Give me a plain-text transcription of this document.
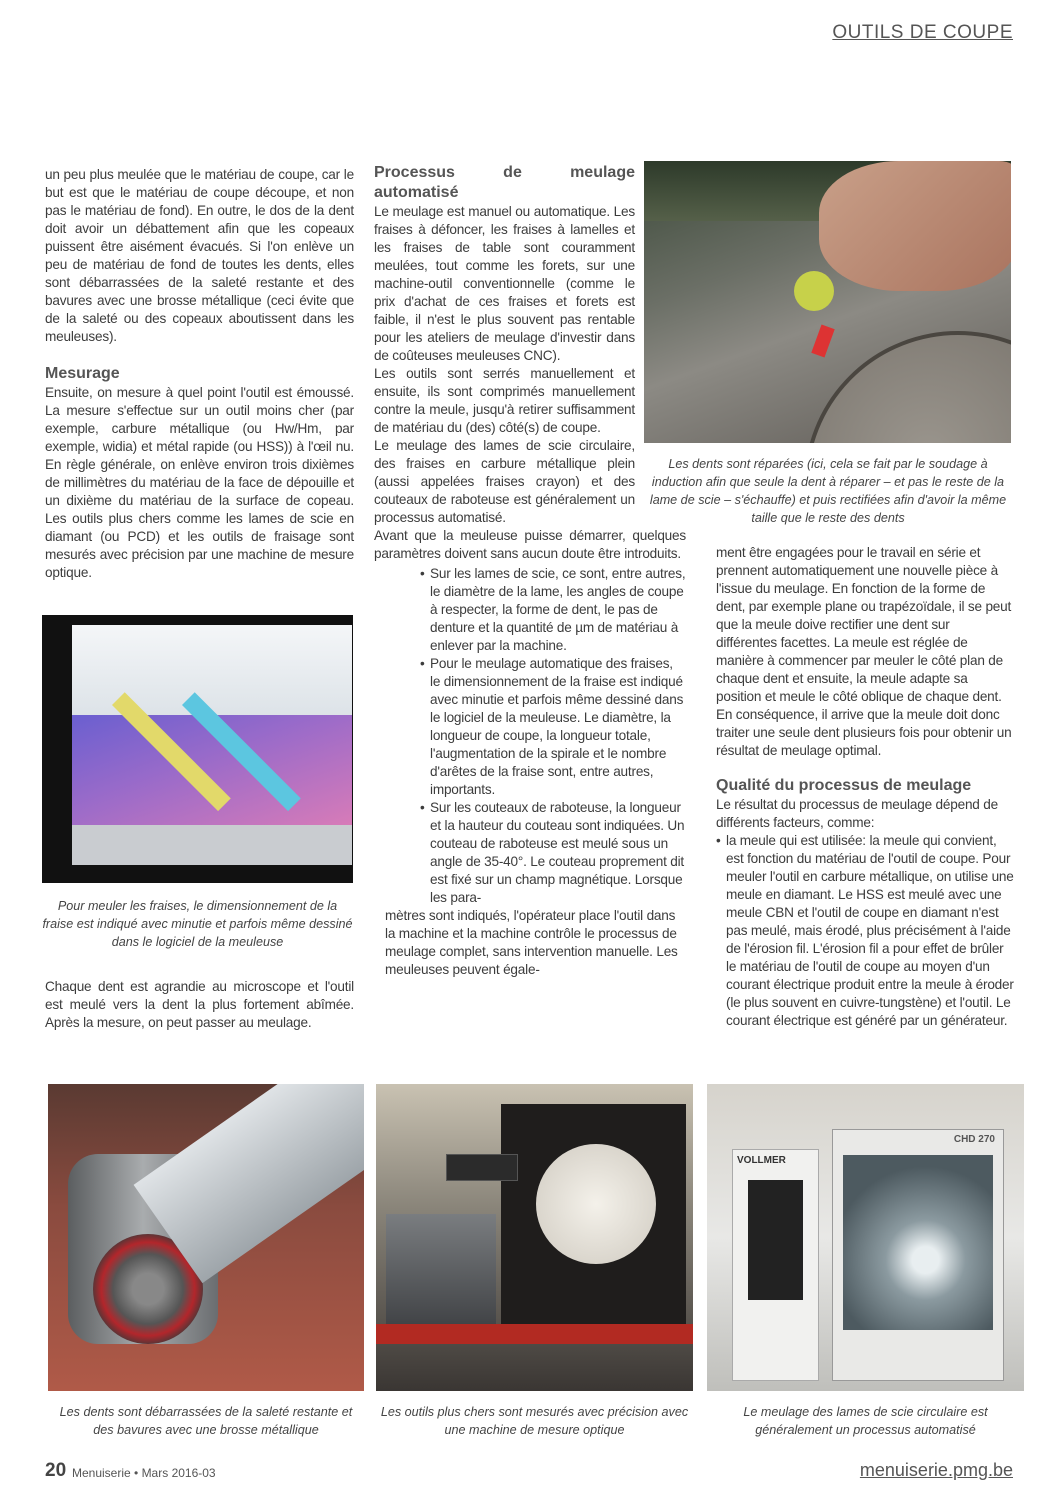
OUTILS DE COUPE

un peu plus meulée que le matériau de coupe, car le but est que le matériau de coupe découpe, et non pas le matériau de fond). En outre, le dos de la dent doit avoir un débattement afin que les copeaux puissent être aisément évacués. Si l'on enlève un peu de matériau de fond de toutes les dents, elles sont débarrassées de la saleté restante et des bavures avec une brosse métallique (ceci évite que de la saleté ou des copeaux aboutissent dans les meuleuses).

Mesurage

Ensuite, on mesure à quel point l'outil est émoussé. La mesure s'effectue sur un outil moins cher (par exemple, carbure métallique (ou Hw/Hm, par exemple, widia) et métal rapide (ou HSS)) à l'œil nu. En règle générale, on enlève environ trois dixièmes de millimètres du matériau de la face de dépouille et un dixième du matériau de la surface de copeau. Les outils plus chers comme les lames de scie en diamant (ou PCD) et les outils de fraisage sont mesurés avec précision par une machine de mesure optique.

Processus de meulage automatisé

Le meulage est manuel ou automatique. Les fraises à défoncer, les fraises à lamelles et les fraises de table sont couramment meulées, tout comme les forets, sur une machine-outil conventionnelle (comme le prix d'achat de ces fraises et forets est faible, il n'est le plus souvent pas rentable pour les ateliers de meulage d'investir dans de coûteuses meuleuses CNC).

Les outils sont serrés manuellement et ensuite, ils sont comprimés manuellement contre la meule, jusqu'à retirer suffisamment de matériau du (des) côté(s) de coupe.

Le meulage des lames de scie circulaire, des fraises en carbure métallique plein (aussi appelées fraises crayon) et des couteaux de raboteuse est généralement un processus automatisé.

Avant que la meuleuse puisse démarrer, quelques paramètres doivent sans aucun doute être introduits.

• Sur les lames de scie, ce sont, entre autres, le diamètre de la lame, les angles de coupe à respecter, la forme de dent, le pas de denture et la quantité de µm de matériau à enlever par la machine.
• Pour le meulage automatique des fraises, le dimensionnement de la fraise est indiqué avec minutie et parfois même dessiné dans le logiciel de la meuleuse. Le diamètre, la longueur de coupe, la longueur totale, l'augmentation de la spirale et le nombre d'arêtes de la fraise sont, entre autres, importants.
• Sur les couteaux de raboteuse, la longueur et la hauteur du couteau sont indiquées. Un couteau de raboteuse est meulé sous un angle de 35-40°. Le couteau proprement dit est fixé sur un champ magnétique. Lorsque les para-

mètres sont indiqués, l'opérateur place l'outil dans la machine et la machine contrôle le processus de meulage complet, sans intervention manuelle. Les meuleuses peuvent égale-

ment être engagées pour le travail en série et prennent automatiquement une nouvelle pièce à l'issue du meulage. En fonction de la forme de dent, par exemple plane ou trapézoïdale, il se peut que la meule doive rectifier une dent sur différentes facettes. La meule est réglée de manière à commencer par meuler le côté plan de chaque dent et ensuite, la meule adapte sa position et meule le côté oblique de chaque dent. En conséquence, il arrive que la meule doit donc traiter une seule dent plusieurs fois pour obtenir un résultat de meulage optimal.

Qualité du processus de meulage

Le résultat du processus de meulage dépend de différents facteurs, comme:

• la meule qui est utilisée: la meule qui convient, est fonction du matériau de l'outil de coupe. Pour meuler l'outil en carbure métallique, on utilise une meule en diamant. Le HSS est meulé avec une meule CBN et l'outil de coupe en diamant n'est pas meulé, mais érodé, plus précisément à l'aide de l'érosion fil. L'érosion fil a pour effet de brûler le matériau de l'outil de coupe au moyen d'un courant électrique produit entre la meule à éroder (le plus souvent en cuivre-tungstène) et l'outil. Le courant électrique est généré par un générateur.
Les dents sont réparées (ici, cela se fait par le soudage à induction afin que seule la dent à réparer – et pas le reste de la lame de scie – s'échauffe) et puis rectifiées afin d'avoir la même taille que le reste des dents
Pour meuler les fraises, le dimensionnement de la fraise est indiqué avec minutie et parfois même dessiné dans le logiciel de la meuleuse

Chaque dent est agrandie au microscope et l'outil est meulé vers la dent la plus fortement abîmée. Après la mesure, on peut passer au meulage.

VOLLMER
CHD 270
Les dents sont débarrassées de la saleté restante et des bavures avec une brosse métallique
Les outils plus chers sont mesurés avec précision avec une machine de mesure optique
Le meulage des lames de scie circulaire est généralement un processus automatisé
20 Menuiserie • Mars 2016-03	menuiserie.pmg.be
